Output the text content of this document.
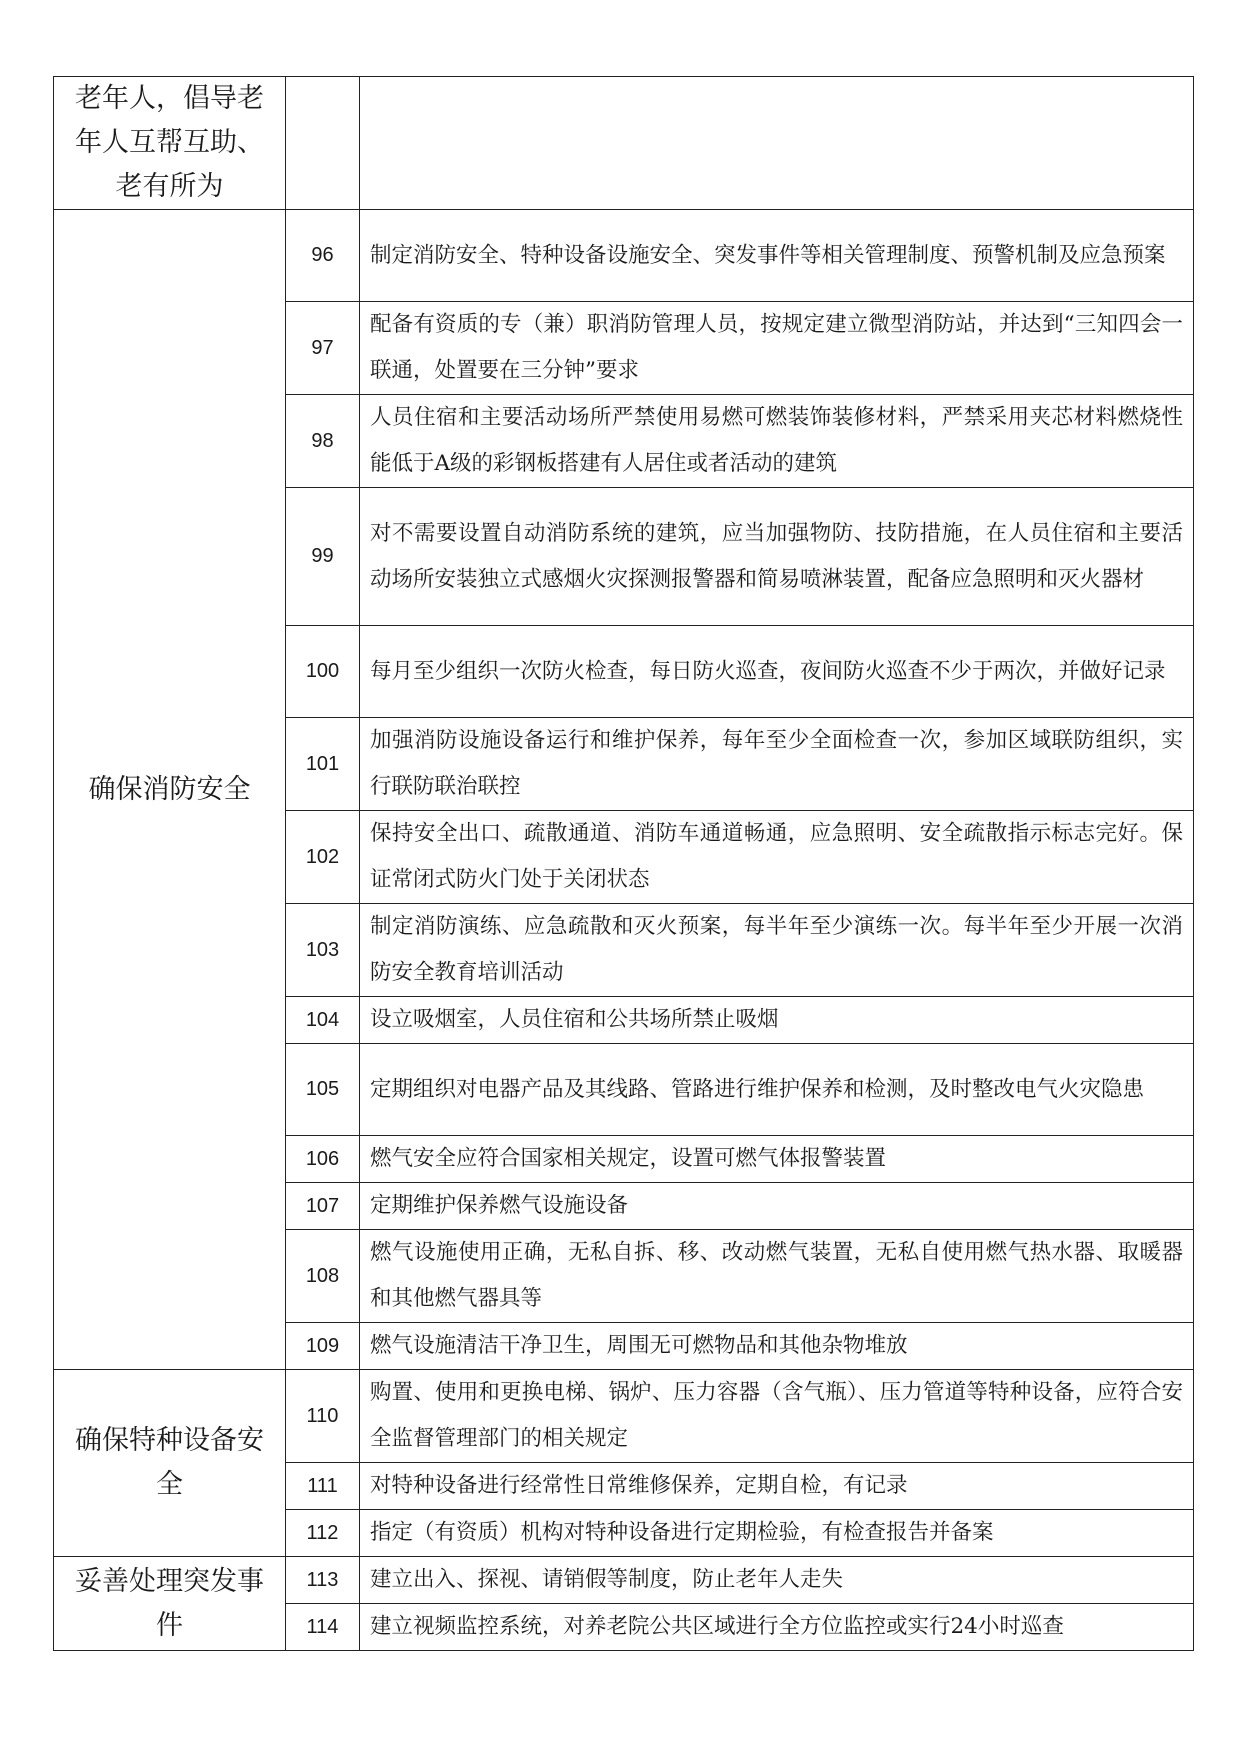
老年人，倡导老年人互帮互助、老有所为		
确保消防安全	96	制定消防安全、特种设备设施安全、突发事件等相关管理制度、预警机制及应急预案
	97	配备有资质的专（兼）职消防管理人员，按规定建立微型消防站，并达到“三知四会一联通，处置要在三分钟”要求
	98	人员住宿和主要活动场所严禁使用易燃可燃装饰装修材料，严禁采用夹芯材料燃烧性能低于A级的彩钢板搭建有人居住或者活动的建筑
	99	对不需要设置自动消防系统的建筑，应当加强物防、技防措施，在人员住宿和主要活动场所安装独立式感烟火灾探测报警器和简易喷淋装置，配备应急照明和灭火器材
	100	每月至少组织一次防火检查，每日防火巡查，夜间防火巡查不少于两次，并做好记录
	101	加强消防设施设备运行和维护保养，每年至少全面检查一次，参加区域联防组织，实行联防联治联控
	102	保持安全出口、疏散通道、消防车通道畅通，应急照明、安全疏散指示标志完好。保证常闭式防火门处于关闭状态
	103	制定消防演练、应急疏散和灭火预案，每半年至少演练一次。每半年至少开展一次消防安全教育培训活动
	104	设立吸烟室，人员住宿和公共场所禁止吸烟
	105	定期组织对电器产品及其线路、管路进行维护保养和检测，及时整改电气火灾隐患
	106	燃气安全应符合国家相关规定，设置可燃气体报警装置
	107	定期维护保养燃气设施设备
	108	燃气设施使用正确，无私自拆、移、改动燃气装置，无私自使用燃气热水器、取暖器和其他燃气器具等
	109	燃气设施清洁干净卫生，周围无可燃物品和其他杂物堆放
确保特种设备安全	110	购置、使用和更换电梯、锅炉、压力容器（含气瓶）、压力管道等特种设备，应符合安全监督管理部门的相关规定
	111	对特种设备进行经常性日常维修保养，定期自检，有记录
	112	指定（有资质）机构对特种设备进行定期检验，有检查报告并备案
妥善处理突发事件	113	建立出入、探视、请销假等制度，防止老年人走失
	114	建立视频监控系统，对养老院公共区域进行全方位监控或实行24小时巡查
